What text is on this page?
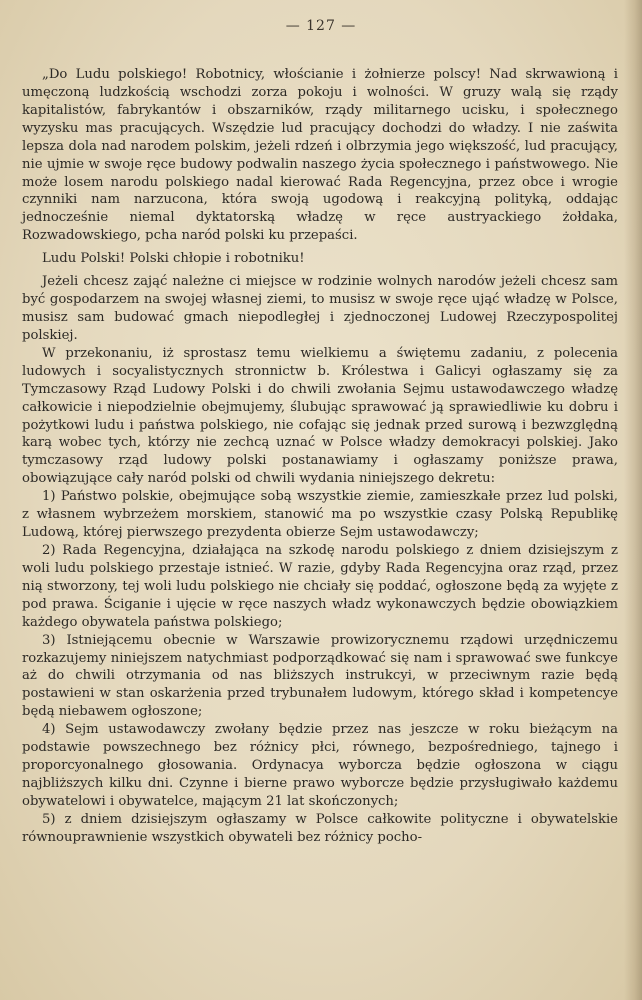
— 127 —

„Do Ludu polskiego! Robotnicy, włościanie i żołnierze polscy! Nad skrwawioną i umęczoną ludzkością wschodzi zorza pokoju i wolności. W gruzy walą się rządy kapitalistów, fabrykantów i obszarników, rządy militarnego ucisku, i społecznego wyzysku mas pracujących. Wszędzie lud pracujący dochodzi do władzy. I nie zaświta lepsza dola nad narodem polskim, jeżeli rdzeń i olbrzymia jego większość, lud pracujący, nie ujmie w swoje ręce budowy podwalin naszego życia społecznego i państwowego. Nie może losem narodu polskiego nadal kierować Rada Regencyjna, przez obce i wrogie czynniki nam narzucona, która swoją ugodową i reakcyjną polityką, oddając jednocześnie niemal dyktatorską władzę w ręce austryackiego żołdaka, Rozwadowskiego, pcha naród polski ku przepaści.

Ludu Polski! Polski chłopie i robotniku!

Jeżeli chcesz zająć należne ci miejsce w rodzinie wolnych narodów jeżeli chcesz sam być gospodarzem na swojej własnej ziemi, to musisz w swoje ręce ująć władzę w Polsce, musisz sam budować gmach niepodległej i zjednoczonej Ludowej Rzeczypospolitej polskiej.

W przekonaniu, iż sprostasz temu wielkiemu a świętemu zadaniu, z polecenia ludowych i socyalistycznych stronnictw b. Królestwa i Galicyi ogłaszamy się za Tymczasowy Rząd Ludowy Polski i do chwili zwołania Sejmu ustawodawczego władzę całkowicie i niepodzielnie obejmujemy, ślubując sprawować ją sprawiedliwie ku dobru i pożytkowi ludu i państwa polskiego, nie cofając się jednak przed surową i bezwzględną karą wobec tych, którzy nie zechcą uznać w Polsce władzy demokracyi polskiej. Jako tymczasowy rząd ludowy polski postanawiamy i ogłaszamy poniższe prawa, obowiązujące cały naród polski od chwili wydania niniejszego dekretu:

1) Państwo polskie, obejmujące sobą wszystkie ziemie, zamieszkałe przez lud polski, z własnem wybrzeżem morskiem, stanowić ma po wszystkie czasy Polską Republikę Ludową, której pierwszego prezydenta obierze Sejm ustawodawczy;

2) Rada Regencyjna, działająca na szkodę narodu polskiego z dniem dzisiejszym z woli ludu polskiego przestaje istnieć. W razie, gdyby Rada Regencyjna oraz rząd, przez nią stworzony, tej woli ludu polskiego nie chciały się poddać, ogłoszone będą za wyjęte z pod prawa. Ściganie i ujęcie w ręce naszych władz wykonawczych będzie obowiązkiem każdego obywatela państwa polskiego;

3) Istniejącemu obecnie w Warszawie prowizorycznemu rządowi urzędniczemu rozkazujemy niniejszem natychmiast podporządkować się nam i sprawować swe funkcye aż do chwili otrzymania od nas bliższych instrukcyi, w przeciwnym razie będą postawieni w stan oskarżenia przed trybunałem ludowym, którego skład i kompetencye będą niebawem ogłoszone;

4) Sejm ustawodawczy zwołany będzie przez nas jeszcze w roku bieżącym na podstawie powszechnego bez różnicy płci, równego, bezpośredniego, tajnego i proporcyonalnego głosowania. Ordynacya wyborcza będzie ogłoszona w ciągu najbliższych kilku dni. Czynne i bierne prawo wyborcze będzie przysługiwało każdemu obywatelowi i obywatelce, mającym 21 lat skończonych;

5) z dniem dzisiejszym ogłaszamy w Polsce całkowite polityczne i obywatelskie równouprawnienie wszystkich obywateli bez różnicy pocho-
